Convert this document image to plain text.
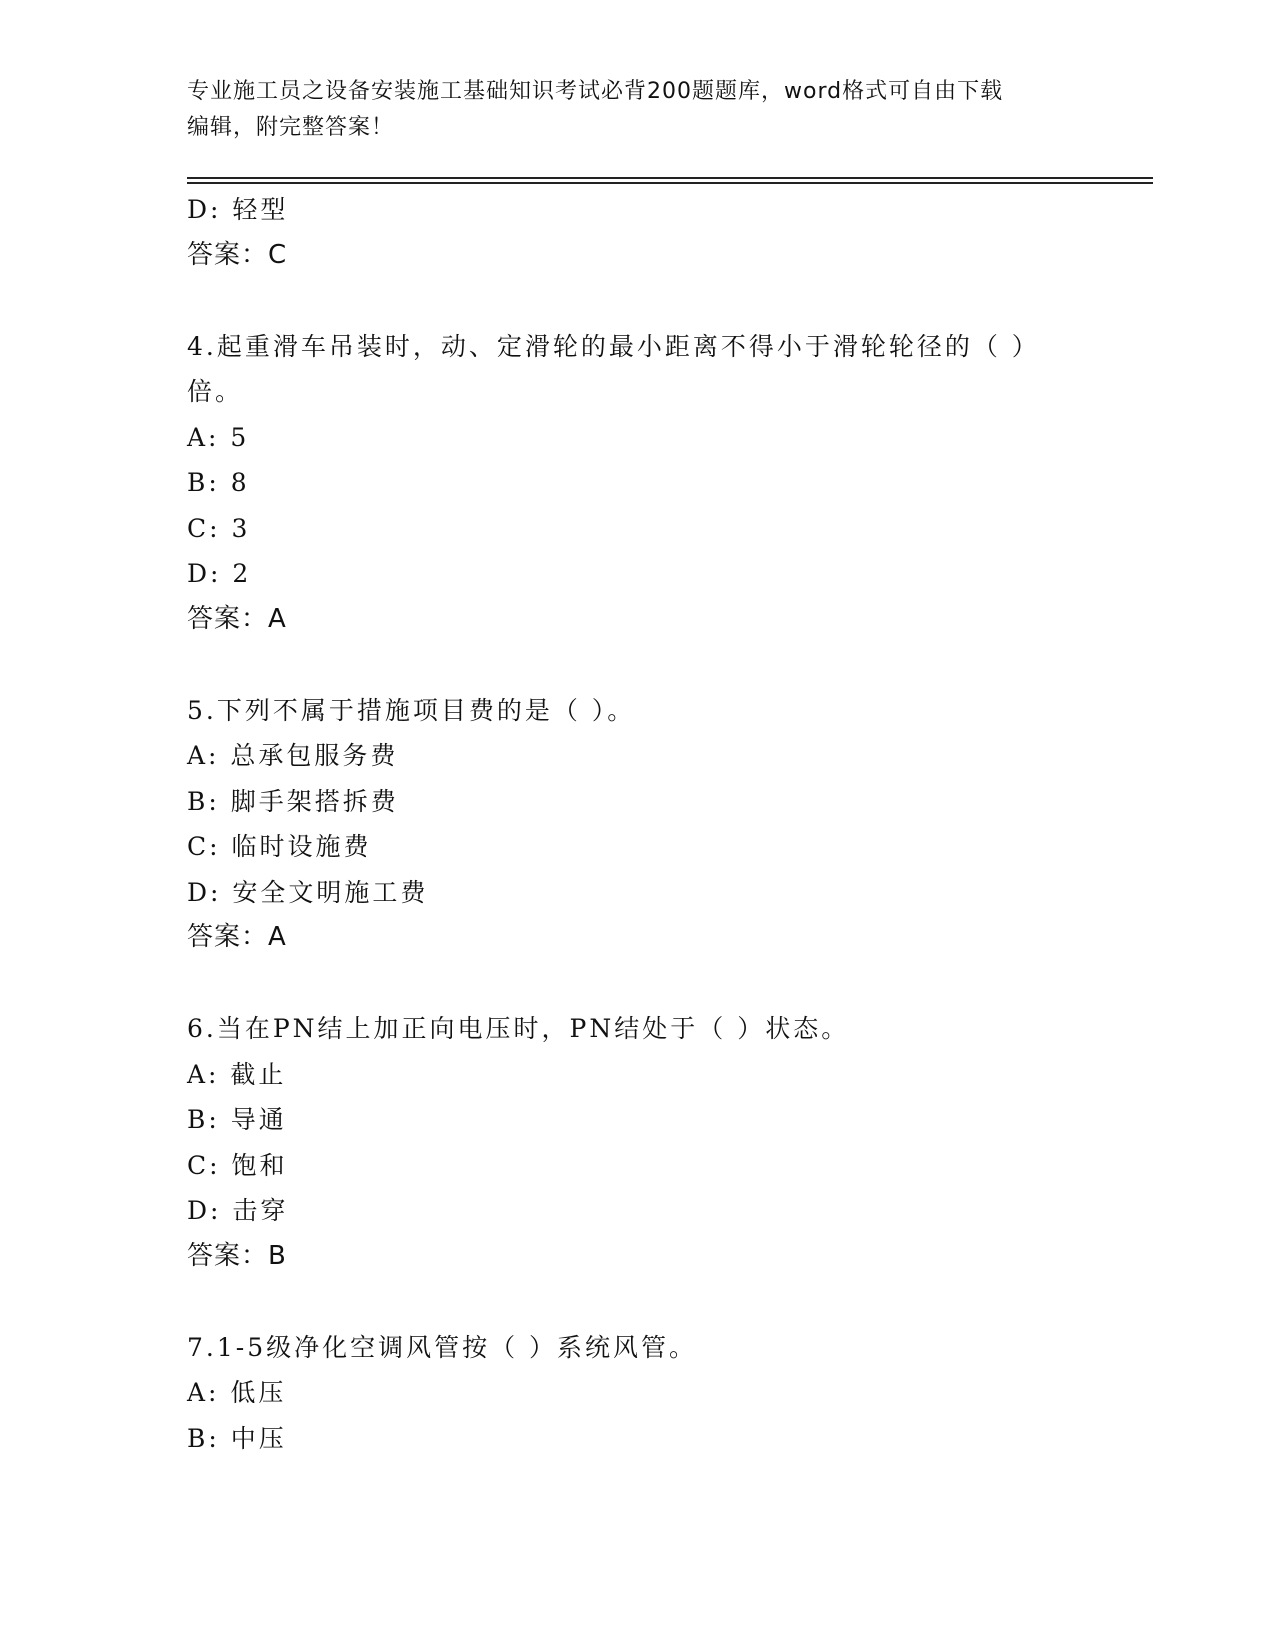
专业施工员之设备安装施工基础知识考试必背200题题库，word格式可自由下载
编辑，附完整答案！
D: 轻型
答案：C
4.起重滑车吊装时，动、定滑轮的最小距离不得小于滑轮轮径的（ ）
倍。
A: 5
B: 8
C: 3
D: 2
答案：A
5.下列不属于措施项目费的是（ ）。
A: 总承包服务费
B: 脚手架搭拆费
C: 临时设施费
D: 安全文明施工费
答案：A
6.当在PN结上加正向电压时，PN结处于（ ）状态。
A: 截止
B: 导通
C: 饱和
D: 击穿
答案：B
7.1-5级净化空调风管按（ ）系统风管。
A: 低压
B: 中压
